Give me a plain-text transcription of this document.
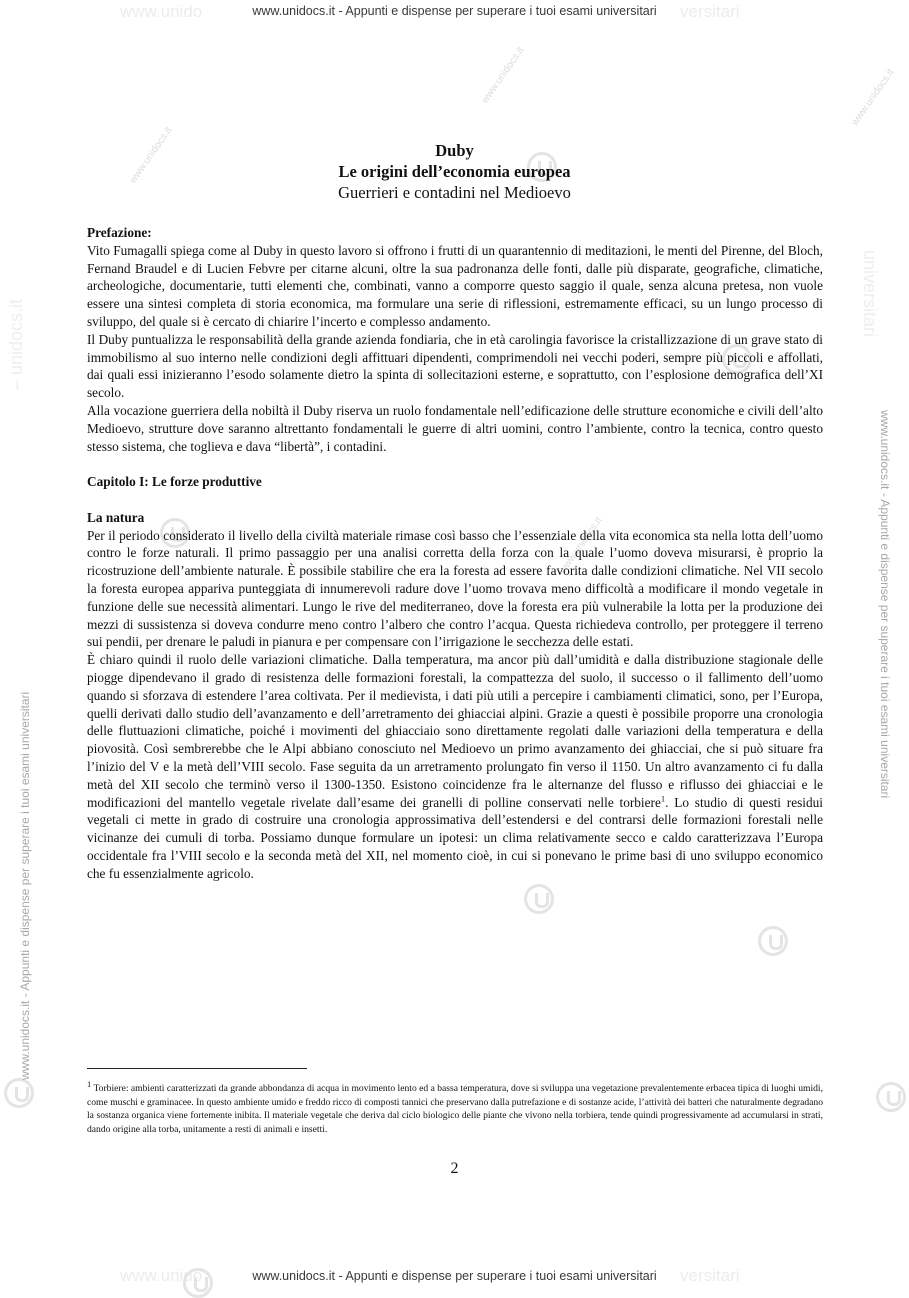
www.unido	versitari
www.unido	versitari
– unidocs.it
universitari
www.unidocs.it
www.unidocs.it
www.unidocs.it	www.unidocs.it
www.unidocs.it - Appunti e dispense per superare i tuoi esami universitari
www.unidocs.it - Appunti e dispense per superare i tuoi esami universitari
www.unidocs.it - Appunti e dispense per superare i tuoi esami universitari
www.unidocs.it - Appunti e dispense per superare i tuoi esami universitari
Duby
Le origini dell’economia europea
Guerrieri e contadini nel Medioevo

Prefazione:

Vito Fumagalli spiega come al Duby in questo lavoro si offrono i frutti di un quarantennio di meditazioni, le menti del Pirenne, del Bloch, Fernand Braudel e di Lucien Febvre per citarne alcuni, oltre la sua padronanza delle fonti, dalle più disparate, geografiche, climatiche, archeologiche, documentarie, tutti elementi che, combinati, vanno a comporre questo saggio il quale, senza alcuna pretesa, non vuole essere una sintesi completa di storia economica, ma formulare una serie di riflessioni, estremamente efficaci, su un lungo processo di sviluppo, del quale si è cercato di chiarire l’incerto e complesso andamento.

Il Duby puntualizza le responsabilità della grande azienda fondiaria, che in età carolingia favorisce la cristallizzazione di un grave stato di immobilismo al suo interno nelle condizioni degli affittuari dipendenti, comprimendoli nei vecchi poderi, sempre più piccoli e affollati, dai quali essi inizieranno l’esodo solamente dietro la spinta di sollecitazioni esterne, e soprattutto, con l’esplosione demografica dell’XI secolo.

Alla vocazione guerriera della nobiltà il Duby riserva un ruolo fondamentale nell’edificazione delle strutture economiche e civili dell’alto Medioevo, strutture dove saranno altrettanto fondamentali le guerre di altri uomini, contro l’ambiente, contro la tecnica, contro questo stesso sistema, che toglieva e dava “libertà”, i contadini.

Capitolo I: Le forze produttive

La natura

Per il periodo considerato il livello della civiltà materiale rimase così basso che l’essenziale della vita economica sta nella lotta dell’uomo contro le forze naturali. Il primo passaggio per una analisi corretta della forza con la quale l’uomo doveva misurarsi, è proprio la ricostruzione dell’ambiente naturale. È possibile stabilire che era la foresta ad essere favorita dalle condizioni climatiche. Nel VII secolo la foresta europea appariva punteggiata di innumerevoli radure dove l’uomo trovava meno difficoltà a modificare il mondo vegetale in funzione delle sue necessità alimentari. Lungo le rive del mediterraneo, dove la foresta era più vulnerabile la lotta per la produzione dei mezzi di sussistenza si doveva condurre meno contro l’albero che contro l’acqua. Questa richiedeva controllo, per proteggere il terreno sui pendii, per drenare le paludi in pianura e per compensare con l’irrigazione le secchezza delle estati.

È chiaro quindi il ruolo delle variazioni climatiche. Dalla temperatura, ma ancor più dall’umidità e dalla distribuzione stagionale delle piogge dipendevano il grado di resistenza delle formazioni forestali, la compattezza del suolo, il successo o il fallimento dell’uomo quando si sforzava di estendere l’area coltivata. Per il medievista, i dati più utili a percepire i cambiamenti climatici, sono, per l’Europa, quelli derivati dallo studio dell’avanzamento e dell’arretramento dei ghiacciai alpini. Grazie a questi è possibile proporre una cronologia delle fluttuazioni climatiche, poiché i movimenti del ghiacciaio sono direttamente regolati dalle variazioni della temperatura e della piovosità. Così sembrerebbe che le Alpi abbiano conosciuto nel Medioevo un primo avanzamento dei ghiacciai, che si può situare fra l’inizio del V e la metà dell’VIII secolo. Fase seguita da un arretramento prolungato fin verso il 1150. Un altro avanzamento ci fu dalla metà del XII secolo che terminò verso il 1300-1350. Esistono coincidenze fra le alternanze del flusso e riflusso dei ghiacciai e le modificazioni del mantello vegetale rivelate dall’esame dei granelli di polline conservati nelle torbiere$^1$. Lo studio di questi residui vegetali ci mette in grado di costruire una cronologia approssimativa dell’estendersi e del contrarsi delle formazioni forestali nelle vicinanze dei cumuli di torba. Possiamo dunque formulare un ipotesi: un clima relativamente secco e caldo caratterizzava l’Europa occidentale fra l’VIII secolo e la seconda metà del XII, nel momento cioè, in cui si ponevano le prime basi di uno sviluppo economico che fu essenzialmente agricolo.

$^1$ Torbiere: ambienti caratterizzati da grande abbondanza di acqua in movimento lento ed a bassa temperatura, dove si sviluppa una vegetazione prevalentemente erbacea tipica di luoghi umidi, come muschi e graminacee. In questo ambiente umido e freddo ricco di composti tannici che preservano dalla putrefazione e di sostanze acide, l’attività dei batteri che naturalmente degradano la sostanza organica viene fortemente inibita. Il materiale vegetale che deriva dal ciclo biologico delle piante che vivono nella torbiera, tende quindi progressivamente ad accumularsi in strati, dando origine alla torba, unitamente a resti di animali e insetti.
2
